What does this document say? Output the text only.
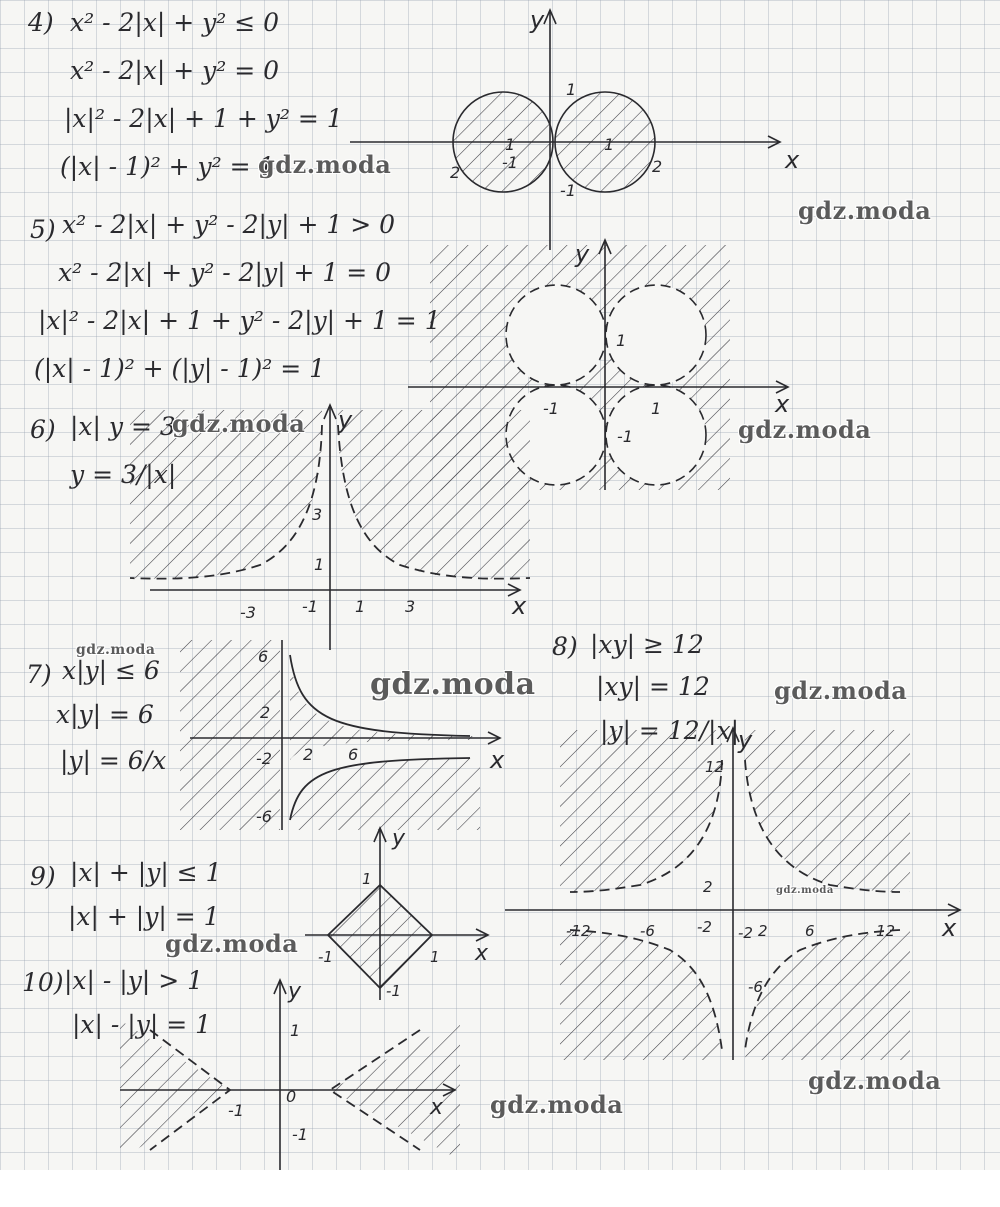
x
y
1
2
1
2
-1
1
-1
x
y
1
-1	1
-1
x
y
3
1
-3	-1 1 3
x
6
2
-2
-6
2 6
x
y
12
2
-12	-6	-2 -2 2 6	12
-6
x
y
1
-1	1
-1
x
y
1
-1
0
-1
4) x² - 2|x| + y² ≤ 0
x² - 2|x| + y² = 0
|x|² - 2|x| + 1 + y² = 1
(|x| - 1)² + y² = 1
5) x² - 2|x| + y² - 2|y| + 1 > 0
x² - 2|x| + y² - 2|y| + 1 = 0
|x|² - 2|x| + 1 + y² - 2|y| + 1 = 1
(|x| - 1)² + (|y| - 1)² = 1
6) |x| y = 3
y = 3/|x|
7) x|y| ≤ 6
x|y| = 6
|y| = 6/x
8) |xy| ≥ 12
|xy| = 12
|y| = 12/|x|
9) |x| + |y| ≤ 1
|x| + |y| = 1
10) |x| - |y| > 1
|x| - |y| = 1
gdz.moda
gdz.moda
gdz.moda
gdz.moda
gdz.moda
gdz.moda	gdz.moda
gdz.moda
gdz.moda
gdz.moda
gdz.moda
